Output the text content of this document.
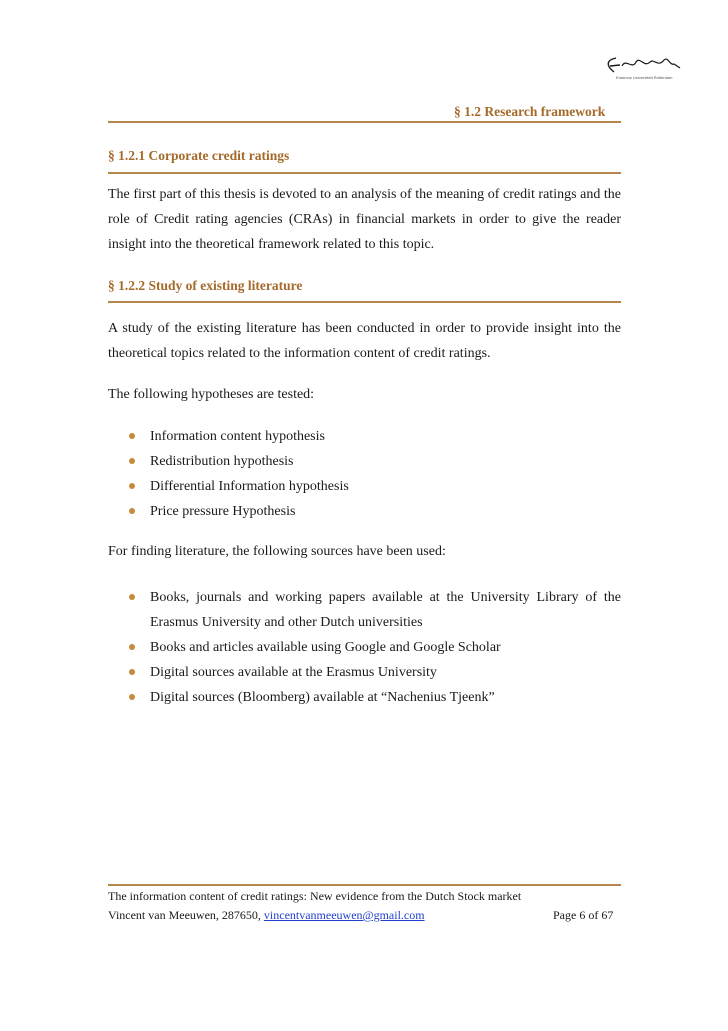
Erasmus Universiteit Rotterdam
§ 1.2 Research framework
§ 1.2.1 Corporate credit ratings

The first part of this thesis is devoted to an analysis of the meaning of credit ratings and the role of Credit rating agencies (CRAs) in financial markets in order to give the reader insight into the theoretical framework related to this topic.

§ 1.2.2 Study of existing literature

A study of the existing literature has been conducted in order to provide insight into the theoretical topics related to the information content of credit ratings.

The following hypotheses are tested:

Information content hypothesis
Redistribution hypothesis
Differential Information hypothesis
Price pressure Hypothesis

For finding literature, the following sources have been used:

Books, journals and working papers available at the University Library of the Erasmus University and other Dutch universities
Books and articles available using Google and Google Scholar
Digital sources available at the Erasmus University
Digital sources (Bloomberg) available at “Nachenius Tjeenk”
The information content of credit ratings: New evidence from the Dutch Stock market
Vincent van Meeuwen, 287650, vincentvanmeeuwen@gmail.com	Page 6 of 67
